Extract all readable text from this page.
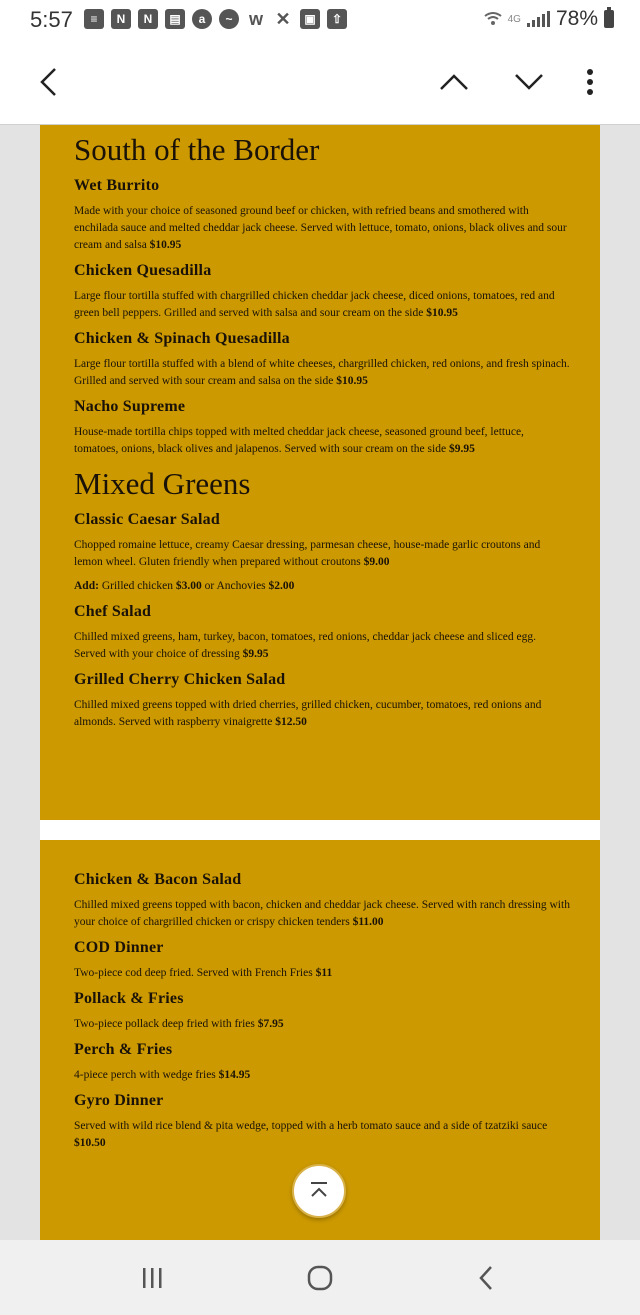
5:57	≡	N	N	▤	a	~ w ✕	▣	⇧	4G 78%
South of the Border

Wet Burrito

Made with your choice of seasoned ground beef or chicken, with refried beans and smothered with enchilada sauce and melted cheddar jack cheese. Served with lettuce, tomato, onions, black olives and sour cream and salsa $10.95

Chicken Quesadilla

Large flour tortilla stuffed with chargrilled chicken cheddar jack cheese, diced onions, tomatoes, red and green bell peppers. Grilled and served with salsa and sour cream on the side $10.95

Chicken & Spinach Quesadilla

Large flour tortilla stuffed with a blend of white cheeses, chargrilled chicken, red onions, and fresh spinach. Grilled and served with sour cream and salsa on the side $10.95

Nacho Supreme

House-made tortilla chips topped with melted cheddar jack cheese, seasoned ground beef, lettuce, tomatoes, onions, black olives and jalapenos. Served with sour cream on the side $9.95

Mixed Greens

Classic Caesar Salad

Chopped romaine lettuce, creamy Caesar dressing, parmesan cheese, house-made garlic croutons and lemon wheel. Gluten friendly when prepared without croutons $9.00

Add: Grilled chicken $3.00 or Anchovies $2.00

Chef Salad

Chilled mixed greens, ham, turkey, bacon, tomatoes, red onions, cheddar jack cheese and sliced egg. Served with your choice of dressing $9.95

Grilled Cherry Chicken Salad

Chilled mixed greens topped with dried cherries, grilled chicken, cucumber, tomatoes, red onions and almonds. Served with raspberry vinaigrette $12.50

Chicken & Bacon Salad

Chilled mixed greens topped with bacon, chicken and cheddar jack cheese. Served with ranch dressing with your choice of chargrilled chicken or crispy chicken tenders $11.00

COD Dinner

Two-piece cod deep fried. Served with French Fries $11

Pollack & Fries

Two-piece pollack deep fried with fries $7.95

Perch & Fries

4-piece perch with wedge fries $14.95

Gyro Dinner

Served with wild rice blend & pita wedge, topped with a herb tomato sauce and a side of tzatziki sauce $10.50
